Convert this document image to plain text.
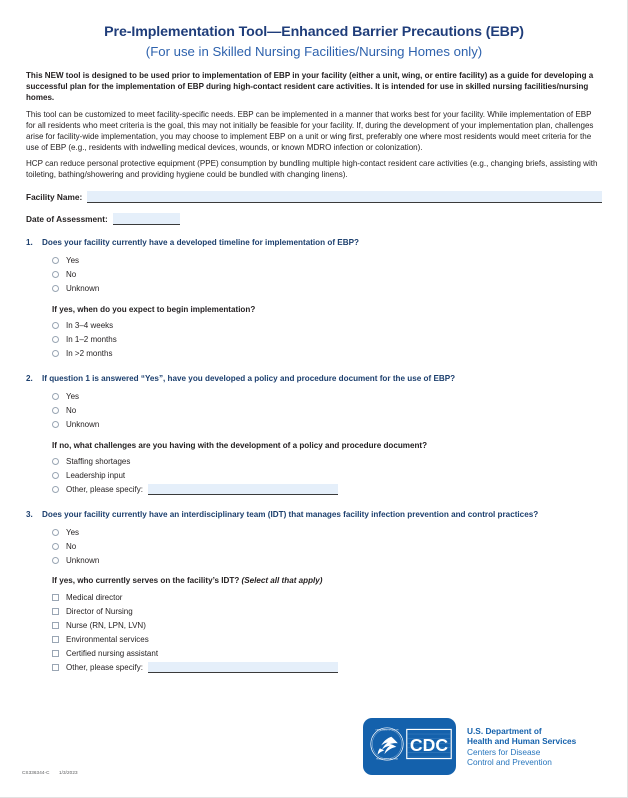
Pre-Implementation Tool—Enhanced Barrier Precautions (EBP)
(For use in Skilled Nursing Facilities/Nursing Homes only)

This NEW tool is designed to be used prior to implementation of EBP in your facility (either a unit, wing, or entire facility) as a guide for developing a successful plan for the implementation of EBP during high-contact resident care activities. It is intended for use in skilled nursing facilities/nursing homes.

This tool can be customized to meet facility-specific needs. EBP can be implemented in a manner that works best for your facility. While implementation of EBP for all residents who meet criteria is the goal, this may not initially be feasible for your facility. If, during the development of your implementation plan, challenges arise for facility-wide implementation, you may choose to implement EBP on a unit or wing first, preferably one where most residents would meet criteria for the use of EBP (e.g., residents with indwelling medical devices, wounds, or known MDRO infection or colonization).

HCP can reduce personal protective equipment (PPE) consumption by bundling multiple high-contact resident care activities (e.g., changing briefs, assisting with toileting, bathing/showering and providing hygiene could be bundled with changing linens).

Facility Name:
Date of Assessment:
1.	Does your facility currently have a developed timeline for implementation of EBP?
Yes
No
Unknown
If yes, when do you expect to begin implementation?
In 3–4 weeks
In 1–2 months
In >2 months
2.	If question 1 is answered “Yes”, have you developed a policy and procedure document for the use of EBP?
Yes
No
Unknown
If no, what challenges are you having with the development of a policy and procedure document?
Staffing shortages
Leadership input
Other, please specify:
3.	Does your facility currently have an interdisciplinary team (IDT) that manages facility infection prevention and control practices?
Yes
No
Unknown
If yes, who currently serves on the facility’s IDT? (Select all that apply)
Medical director
Director of Nursing
Nurse (RN, LPN, LVN)
Environmental services
Certified nursing assistant
Other, please specify:
DEPARTMENT OF HEALTH
HUMAN SERVICES · USA
CDC
U.S. Department of
Health and Human Services
Centers for Disease
Control and Prevention
CS336344-C 1/3/2023
